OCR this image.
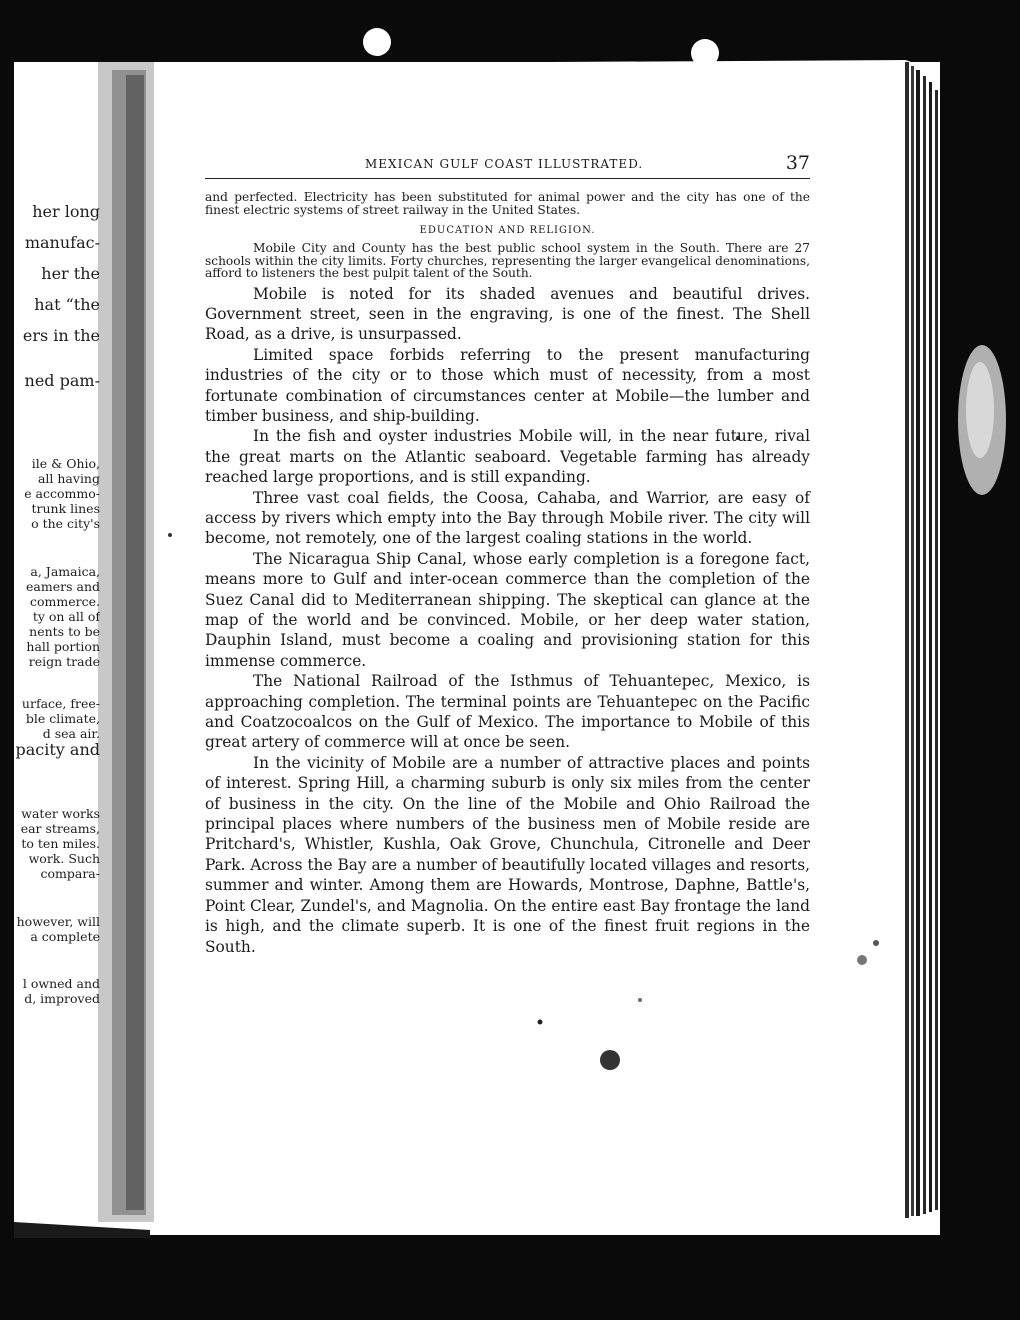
her long
manufac-
her the
hat “the
ers in the
ned pam-
ile & Ohio,
all having
e accommo-
trunk lines
o the city's
a, Jamaica,
eamers and
commerce.
ty on all of
nents to be
hall portion
reign trade
urface, free-
ble climate,
d sea air.
pacity and
water works
ear streams,
to ten miles.
work. Such
compara-
however, will
a complete
l owned and
d, improved
MEXICAN GULF COAST ILLUSTRATED.	37

and perfected. Electricity has been substituted for animal power and the city has one of the finest electric systems of street railway in the United States.

EDUCATION AND RELIGION.

Mobile City and County has the best public school system in the South. There are 27 schools within the city limits. Forty churches, representing the larger evangelical denominations, afford to listeners the best pulpit talent of the South.

Mobile is noted for its shaded avenues and beautiful drives. Government street, seen in the engraving, is one of the finest. The Shell Road, as a drive, is unsurpassed.

Limited space forbids referring to the present manufacturing industries of the city or to those which must of necessity, from a most fortunate combination of circumstances center at Mobile—the lumber and timber business, and ship-building.

In the fish and oyster industries Mobile will, in the near future, rival the great marts on the Atlantic seaboard. Vegetable farming has already reached large proportions, and is still expanding.

Three vast coal fields, the Coosa, Cahaba, and Warrior, are easy of access by rivers which empty into the Bay through Mobile river. The city will become, not remotely, one of the largest coaling stations in the world.

The Nicaragua Ship Canal, whose early completion is a foregone fact, means more to Gulf and inter-ocean commerce than the completion of the Suez Canal did to Mediterranean shipping. The skeptical can glance at the map of the world and be convinced. Mobile, or her deep water station, Dauphin Island, must become a coaling and provisioning station for this immense commerce.

The National Railroad of the Isthmus of Tehuantepec, Mexico, is approaching completion. The terminal points are Tehuantepec on the Pacific and Coatzocoalcos on the Gulf of Mexico. The importance to Mobile of this great artery of commerce will at once be seen.

In the vicinity of Mobile are a number of attractive places and points of interest. Spring Hill, a charming suburb is only six miles from the center of business in the city. On the line of the Mobile and Ohio Railroad the principal places where numbers of the business men of Mobile reside are Pritchard's, Whistler, Kushla, Oak Grove, Chunchula, Citronelle and Deer Park. Across the Bay are a number of beautifully located villages and resorts, summer and winter. Among them are Howards, Montrose, Daphne, Battle's, Point Clear, Zundel's, and Magnolia. On the entire east Bay frontage the land is high, and the climate superb. It is one of the finest fruit regions in the South.
